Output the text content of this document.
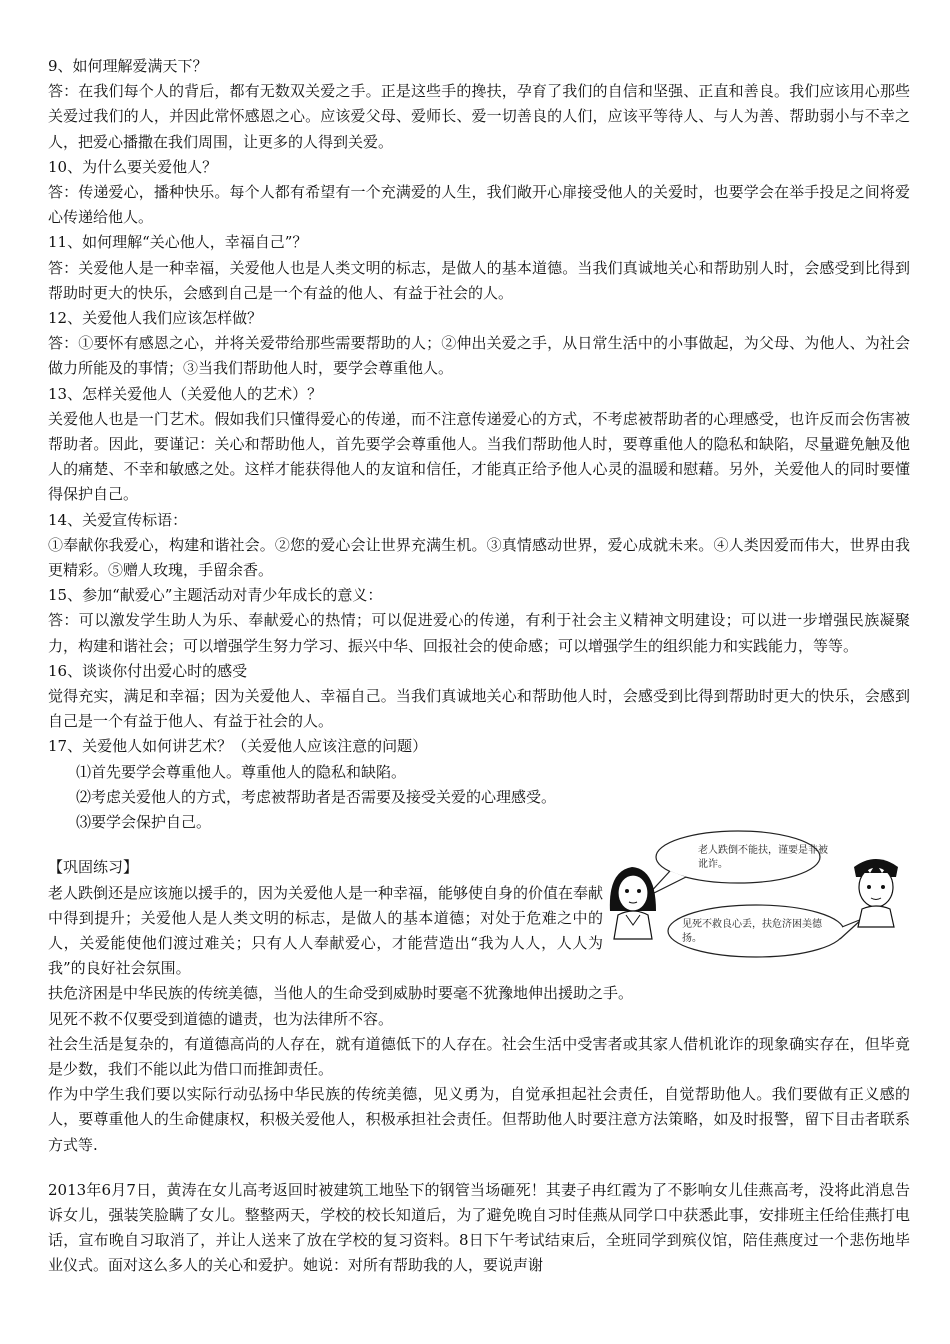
9、如何理解爱满天下？

答：在我们每个人的背后，都有无数双关爱之手。正是这些手的搀扶，孕育了我们的自信和坚强、正直和善良。我们应该用心那些关爱过我们的人，并因此常怀感恩之心。应该爱父母、爱师长、爱一切善良的人们，应该平等待人、与人为善、帮助弱小与不幸之人，把爱心播撒在我们周围，让更多的人得到关爱。

10、为什么要关爱他人？

答：传递爱心，播种快乐。每个人都有希望有一个充满爱的人生，我们敞开心扉接受他人的关爱时，也要学会在举手投足之间将爱心传递给他人。

11、如何理解“关心他人，幸福自己”？

答：关爱他人是一种幸福，关爱他人也是人类文明的标志，是做人的基本道德。当我们真诚地关心和帮助别人时，会感受到比得到帮助时更大的快乐，会感到自己是一个有益的他人、有益于社会的人。

12、关爱他人我们应该怎样做？

答：①要怀有感恩之心，并将关爱带给那些需要帮助的人；②伸出关爱之手，从日常生活中的小事做起，为父母、为他人、为社会做力所能及的事情；③当我们帮助他人时，要学会尊重他人。

13、怎样关爱他人（关爱他人的艺术）？

关爱他人也是一门艺术。假如我们只懂得爱心的传递，而不注意传递爱心的方式，不考虑被帮助者的心理感受，也许反而会伤害被帮助者。因此，要谨记：关心和帮助他人，首先要学会尊重他人。当我们帮助他人时，要尊重他人的隐私和缺陷，尽量避免触及他人的痛楚、不幸和敏感之处。这样才能获得他人的友谊和信任，才能真正给予他人心灵的温暖和慰藉。另外，关爱他人的同时要懂得保护自己。

14、关爱宣传标语：

①奉献你我爱心，构建和谐社会。②您的爱心会让世界充满生机。③真情感动世界，爱心成就未来。④人类因爱而伟大，世界由我更精彩。⑤赠人玫瑰，手留余香。

15、参加“献爱心”主题活动对青少年成长的意义：

答：可以激发学生助人为乐、奉献爱心的热情；可以促进爱心的传递，有利于社会主义精神文明建设；可以进一步增强民族凝聚力，构建和谐社会；可以增强学生努力学习、振兴中华、回报社会的使命感；可以增强学生的组织能力和实践能力，等等。

16、谈谈你付出爱心时的感受

觉得充实，满足和幸福；因为关爱他人、幸福自己。当我们真诚地关心和帮助他人时，会感受到比得到帮助时更大的快乐，会感到自己是一个有益于他人、有益于社会的人。

17、关爱他人如何讲艺术？（关爱他人应该注意的问题）

⑴首先要学会尊重他人。尊重他人的隐私和缺陷。

⑵考虑关爱他人的方式，考虑被帮助者是否需要及接受关爱的心理感受。

⑶要学会保护自己。

老人跌倒不能扶，谨要是非被
讹诈。
见死不救良心丢，扶危济困美德
扬。

【巩固练习】

老人跌倒还是应该施以援手的，因为关爱他人是一种幸福，能够使自身的价值在奉献中得到提升；关爱他人是人类文明的标志，是做人的基本道德；对处于危难之中的人，关爱能使他们渡过难关；只有人人奉献爱心，才能营造出“我为人人，人人为我”的良好社会氛围。

扶危济困是中华民族的传统美德，当他人的生命受到威胁时要毫不犹豫地伸出援助之手。

见死不救不仅要受到道德的谴责，也为法律所不容。

社会生活是复杂的，有道德高尚的人存在，就有道德低下的人存在。社会生活中受害者或其家人借机讹诈的现象确实存在，但毕竟是少数，我们不能以此为借口而推卸责任。

作为中学生我们要以实际行动弘扬中华民族的传统美德，见义勇为，自觉承担起社会责任，自觉帮助他人。我们要做有正义感的人，要尊重他人的生命健康权，积极关爱他人，积极承担社会责任。但帮助他人时要注意方法策略，如及时报警，留下目击者联系方式等.

2013年6月7日，黄涛在女儿高考返回时被建筑工地坠下的钢管当场砸死！其妻子冉红霞为了不影响女儿佳燕高考，没将此消息告诉女儿，强装笑脸瞒了女儿。整整两天，学校的校长知道后，为了避免晚自习时佳燕从同学口中获悉此事，安排班主任给佳燕打电话，宣布晚自习取消了，并让人送来了放在学校的复习资料。8日下午考试结束后，全班同学到殡仪馆，陪佳燕度过一个悲伤地毕业仪式。面对这么多人的关心和爱护。她说：对所有帮助我的人，要说声谢
